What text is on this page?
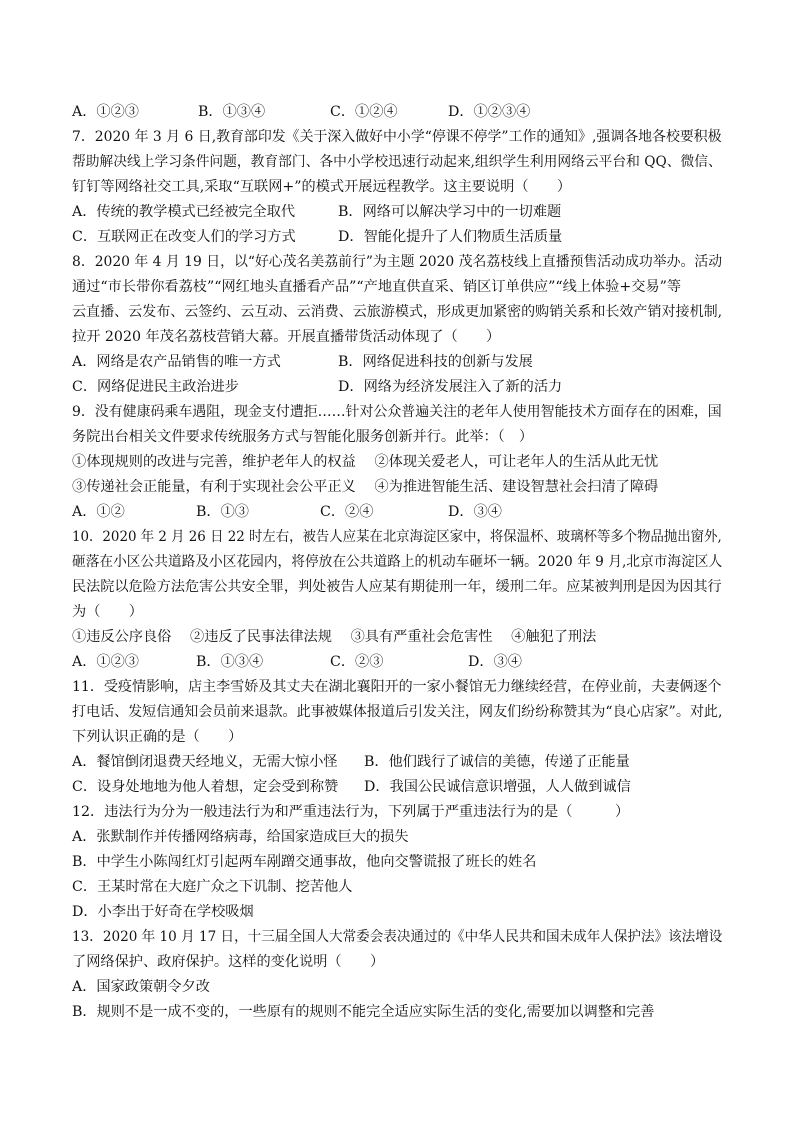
A．①②③	B．①③④	C．①②④	D．①②③④
7．2020 年 3 月 6 日,教育部印发《关于深入做好中小学“停课不停学”工作的通知》,强调各地各校要积极
帮助解决线上学习条件问题，教育部门、各中小学校迅速行动起来,组织学生利用网络云平台和 QQ、微信、
钉钉等网络社交工具,采取“互联网+”的模式开展远程教学。这主要说明（　　）
A．传统的教学模式已经被完全取代	B．网络可以解决学习中的一切难题
C．互联网正在改变人们的学习方式	D．智能化提升了人们物质生活质量
8．2020 年 4 月 19 日，以“好心茂名美荔前行”为主题 2020 茂名荔枝线上直播预售活动成功举办。活动
通过“市长带你看荔枝”“网红地头直播看产品”“产地直供直采、销区订单供应”“线上体验+交易”等
云直播、云发布、云签约、云互动、云消费、云旅游模式，形成更加紧密的购销关系和长效产销对接机制,
拉开 2020 年茂名荔枝营销大幕。开展直播带货活动体现了（　　）
A．网络是农产品销售的唯一方式	B．网络促进科技的创新与发展
C．网络促进民主政治进步	D．网络为经济发展注入了新的活力
9．没有健康码乘车遇阻，现金支付遭拒……针对公众普遍关注的老年人使用智能技术方面存在的困难，国
务院出台相关文件要求传统服务方式与智能化服务创新并行。此举：（　）
①体现规则的改进与完善，维护老年人的权益　 ②体现关爱老人，可让老年人的生活从此无忧
③传递社会正能量，有利于实现社会公平正义　 ④为推进智能生活、建设智慧社会扫清了障碍
A．①②	B．①③	C．②④	D．③④
10．2020 年 2 月 26 日 22 时左右，被告人应某在北京海淀区家中，将保温杯、玻璃杯等多个物品抛出窗外,
砸落在小区公共道路及小区花园内，将停放在公共道路上的机动车砸坏一辆。2020 年 9 月,北京市海淀区人
民法院以危险方法危害公共安全罪，判处被告人应某有期徒刑一年，缓刑二年。应某被判刑是因为因其行
为（　　）
①违反公序良俗　 ②违反了民事法律法规　 ③具有严重社会危害性　 ④触犯了刑法
A．①②③	B．①③④	C．②③	D．③④
11．受疫情影响，店主李雪娇及其丈夫在湖北襄阳开的一家小餐馆无力继续经营，在停业前，夫妻俩逐个
打电话、发短信通知会员前来退款。此事被媒体报道后引发关注，网友们纷纷称赞其为“良心店家”。对此,
下列认识正确的是（　　）
A．餐馆倒闭退费天经地义，无需大惊小怪 B．他们践行了诚信的美德，传递了正能量
C．设身处地地为他人着想，定会受到称赞 D．我国公民诚信意识增强，人人做到诚信
12．违法行为分为一般违法行为和严重违法行为，下列属于严重违法行为的是（　　　）
A．张默制作并传播网络病毒，给国家造成巨大的损失
B．中学生小陈闯红灯引起两车剐蹭交通事故，他向交警谎报了班长的姓名
C．王某时常在大庭广众之下讥制、挖苦他人
D．小李出于好奇在学校吸烟
13．2020 年 10 月 17 日，十三届全国人大常委会表决通过的《中华人民共和国未成年人保护法》该法增设
了网络保护、政府保护。这样的变化说明（　　）
A．国家政策朝令夕改
B．规则不是一成不变的，一些原有的规则不能完全适应实际生活的变化,需要加以调整和完善
